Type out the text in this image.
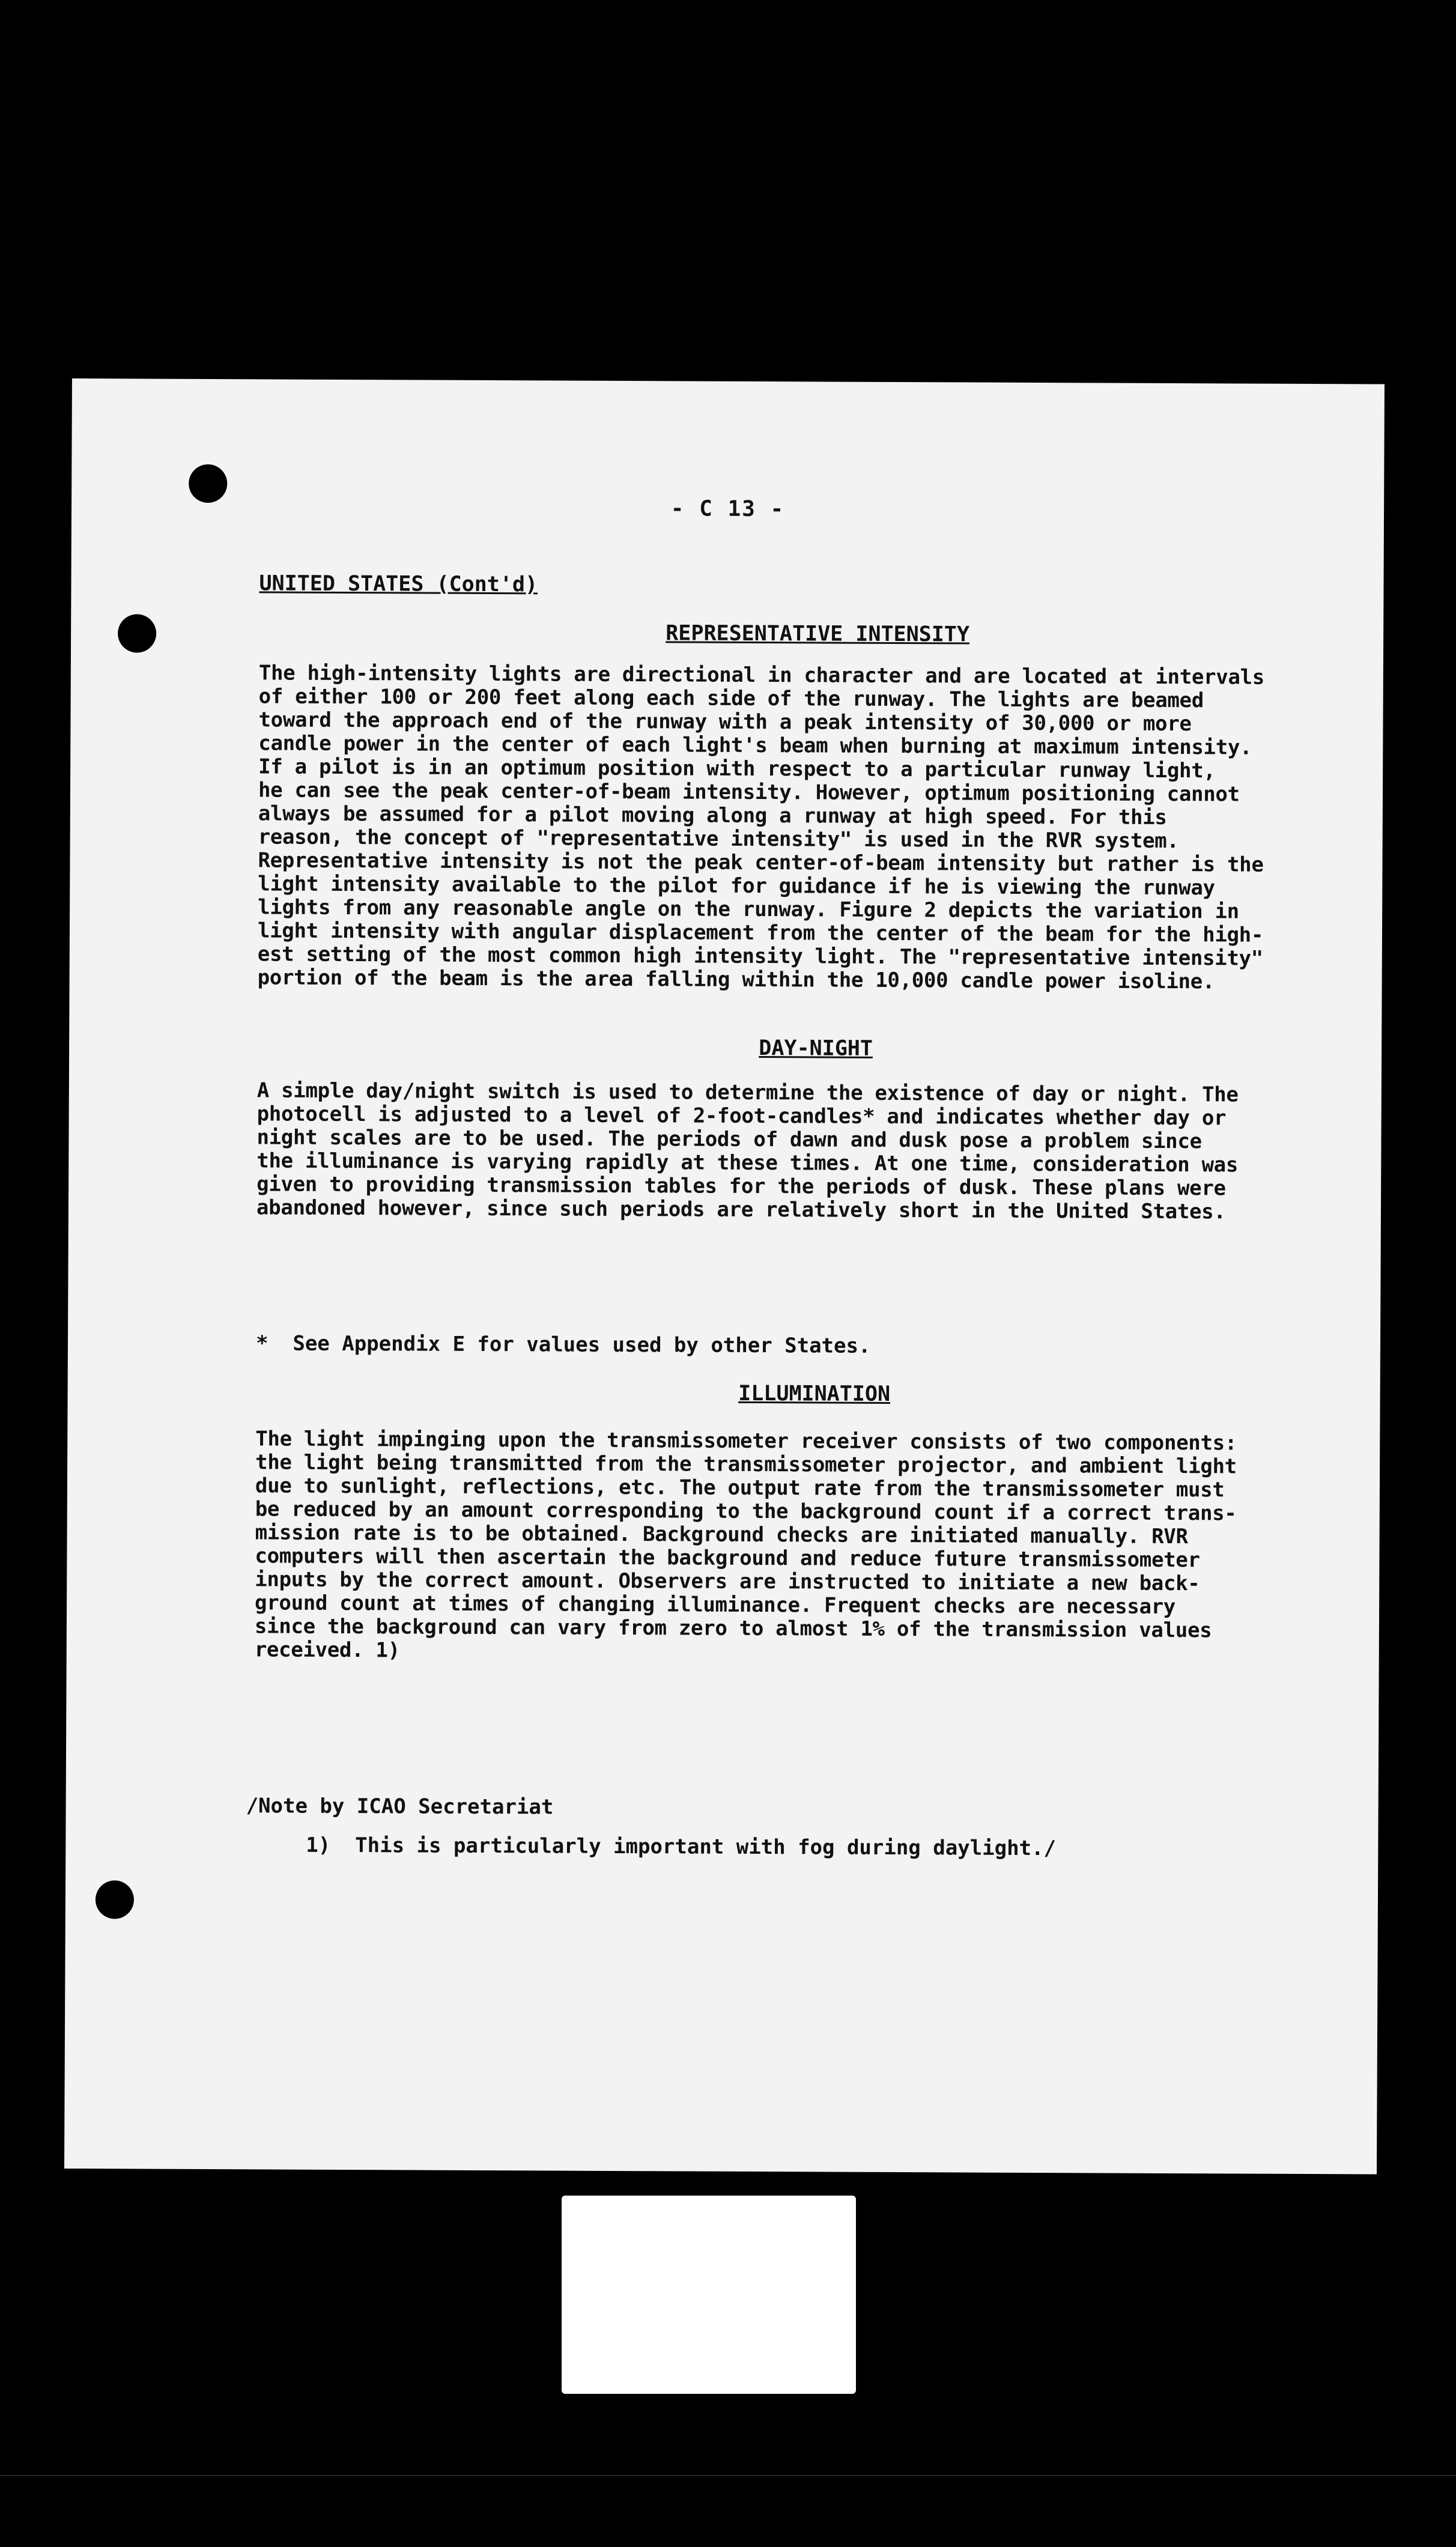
- C 13 -
UNITED STATES (Cont'd)
REPRESENTATIVE INTENSITY
The high-intensity lights are directional in character and are located at intervals
of either 100 or 200 feet along each side of the runway. The lights are beamed
toward the approach end of the runway with a peak intensity of 30,000 or more
candle power in the center of each light's beam when burning at maximum intensity.
If a pilot is in an optimum position with respect to a particular runway light,
he can see the peak center-of-beam intensity. However, optimum positioning cannot
always be assumed for a pilot moving along a runway at high speed. For this
reason, the concept of "representative intensity" is used in the RVR system.
Representative intensity is not the peak center-of-beam intensity but rather is the
light intensity available to the pilot for guidance if he is viewing the runway
lights from any reasonable angle on the runway. Figure 2 depicts the variation in
light intensity with angular displacement from the center of the beam for the high-
est setting of the most common high intensity light. The "representative intensity"
portion of the beam is the area falling within the 10,000 candle power isoline.
DAY-NIGHT
A simple day/night switch is used to determine the existence of day or night. The
photocell is adjusted to a level of 2-foot-candles* and indicates whether day or
night scales are to be used. The periods of dawn and dusk pose a problem since
the illuminance is varying rapidly at these times. At one time, consideration was
given to providing transmission tables for the periods of dusk. These plans were
abandoned however, since such periods are relatively short in the United States.
*  See Appendix E for values used by other States.
ILLUMINATION
The light impinging upon the transmissometer receiver consists of two components:
the light being transmitted from the transmissometer projector, and ambient light
due to sunlight, reflections, etc. The output rate from the transmissometer must
be reduced by an amount corresponding to the background count if a correct trans-
mission rate is to be obtained. Background checks are initiated manually. RVR
computers will then ascertain the background and reduce future transmissometer
inputs by the correct amount. Observers are instructed to initiate a new back-
ground count at times of changing illuminance. Frequent checks are necessary
since the background can vary from zero to almost 1% of the transmission values
received. 1)
/Note by ICAO Secretariat
1)  This is particularly important with fog during daylight./
